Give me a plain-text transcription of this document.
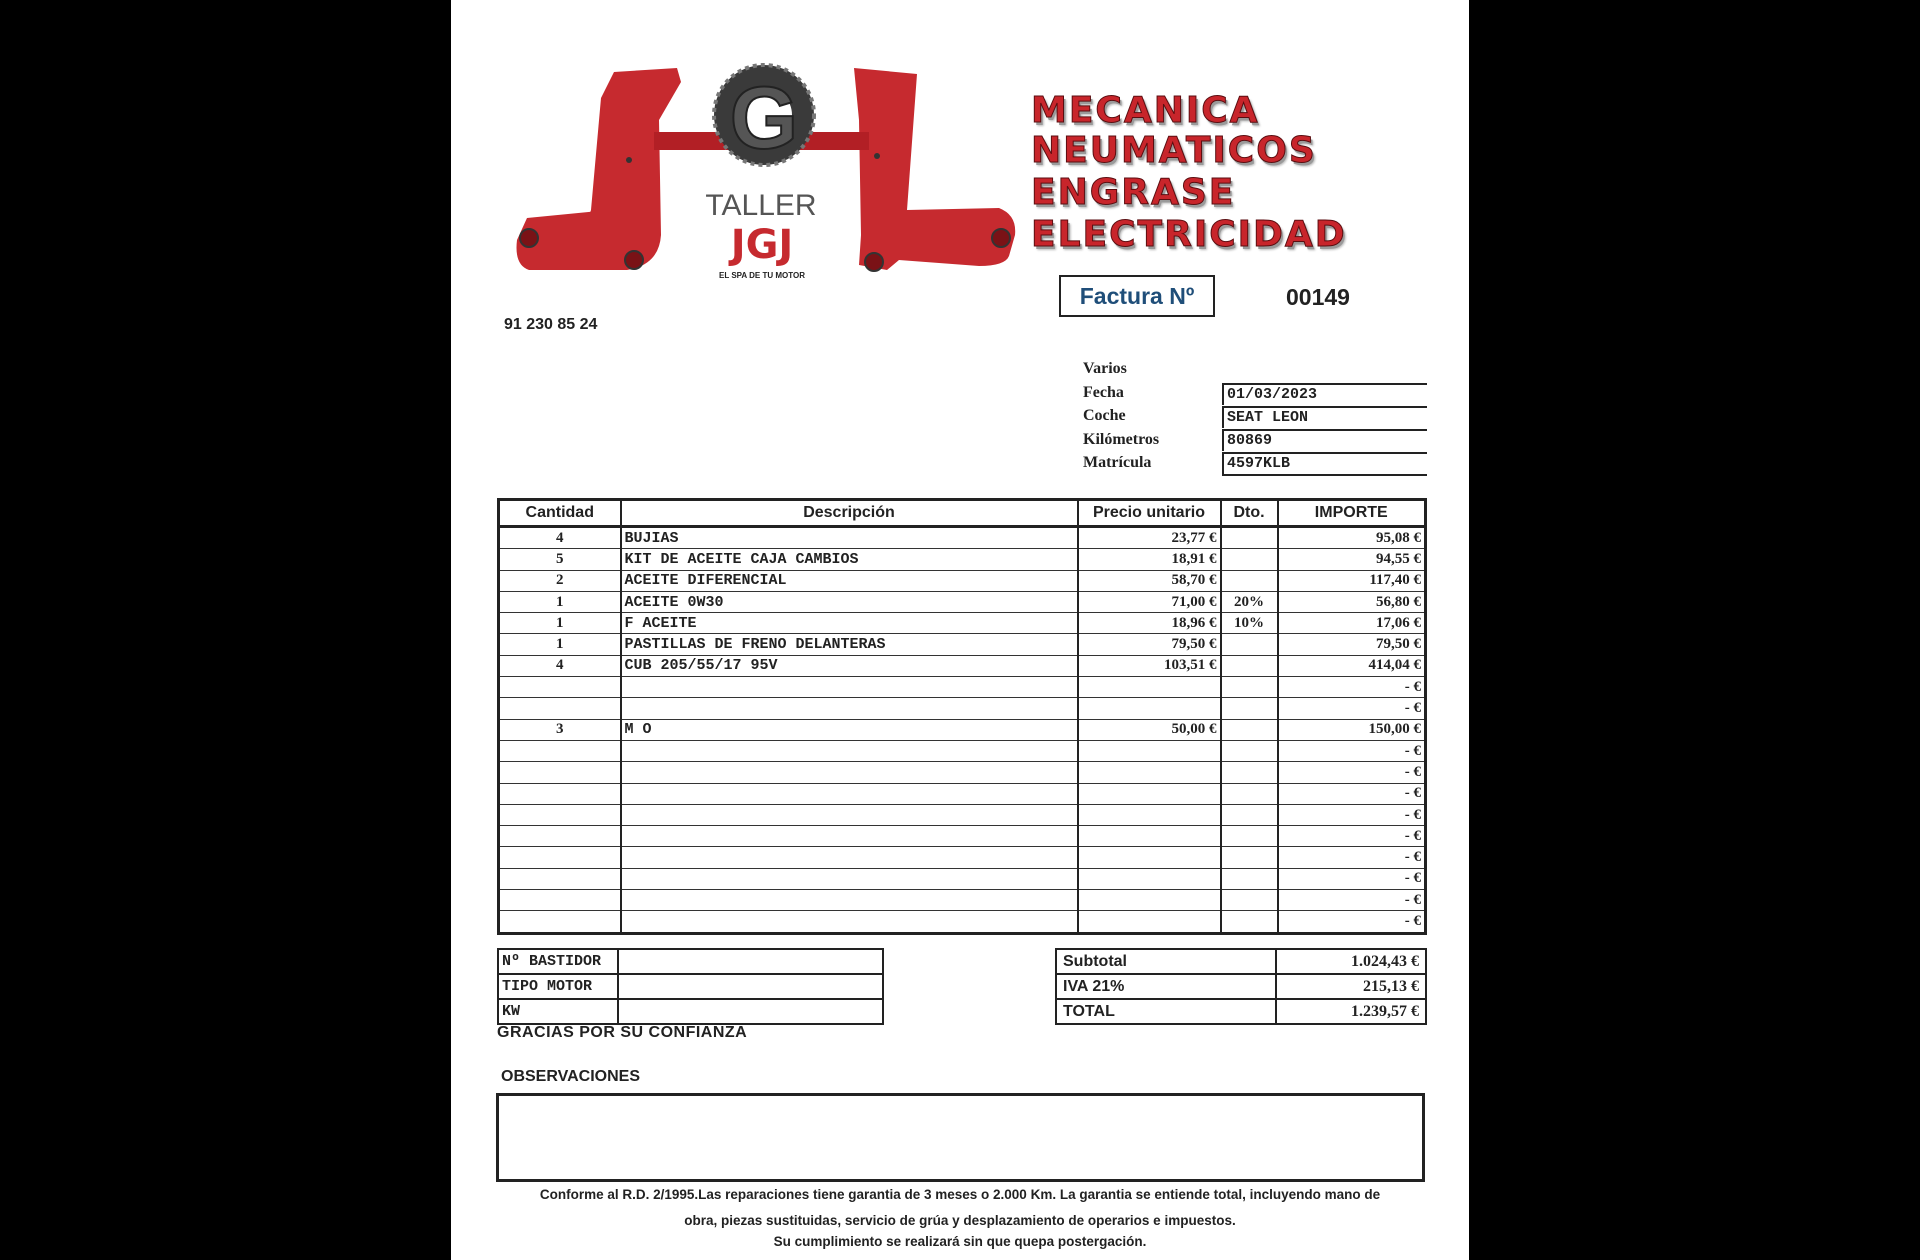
G
TALLER
JGJ
EL SPA DE TU MOTOR
MECANICA
NEUMATICOS
ENGRASE
ELECTRICIDAD
Factura Nº	00149
91 230 85 24
Varios
Fecha	01/03/2023
Coche	SEAT LEON
Kilómetros	80869
Matrícula	4597KLB
Cantidad	Descripción	Precio unitario	Dto.	IMPORTE
4	BUJIAS	23,77 €		95,08 €
5	KIT DE ACEITE CAJA CAMBIOS	18,91 €		94,55 €
2	ACEITE DIFERENCIAL	58,70 €		117,40 €
1	ACEITE 0W30	71,00 €	20%	56,80 €
1	F ACEITE	18,96 €	10%	17,06 €
1	PASTILLAS DE FRENO DELANTERAS	79,50 €		79,50 €
4	CUB 205/55/17 95V	103,51 €		414,04 €
				- €
				- €
3	M O	50,00 €		150,00 €
				- €
				- €
				- €
				- €
				- €
				- €
				- €
				- €
				- €
Nº BASTIDOR	
TIPO MOTOR	
KW	
Subtotal	1.024,43 €
IVA 21%	215,13 €
TOTAL	1.239,57 €
GRACIAS POR SU CONFIANZA
OBSERVACIONES
Conforme al R.D. 2/1995.Las reparaciones tiene garantia de 3 meses o 2.000 Km. La garantia se entiende total, incluyendo mano de
obra, piezas sustituidas, servicio de grúa y desplazamiento de operarios e impuestos.
Su cumplimiento se realizará sin que quepa postergación.
